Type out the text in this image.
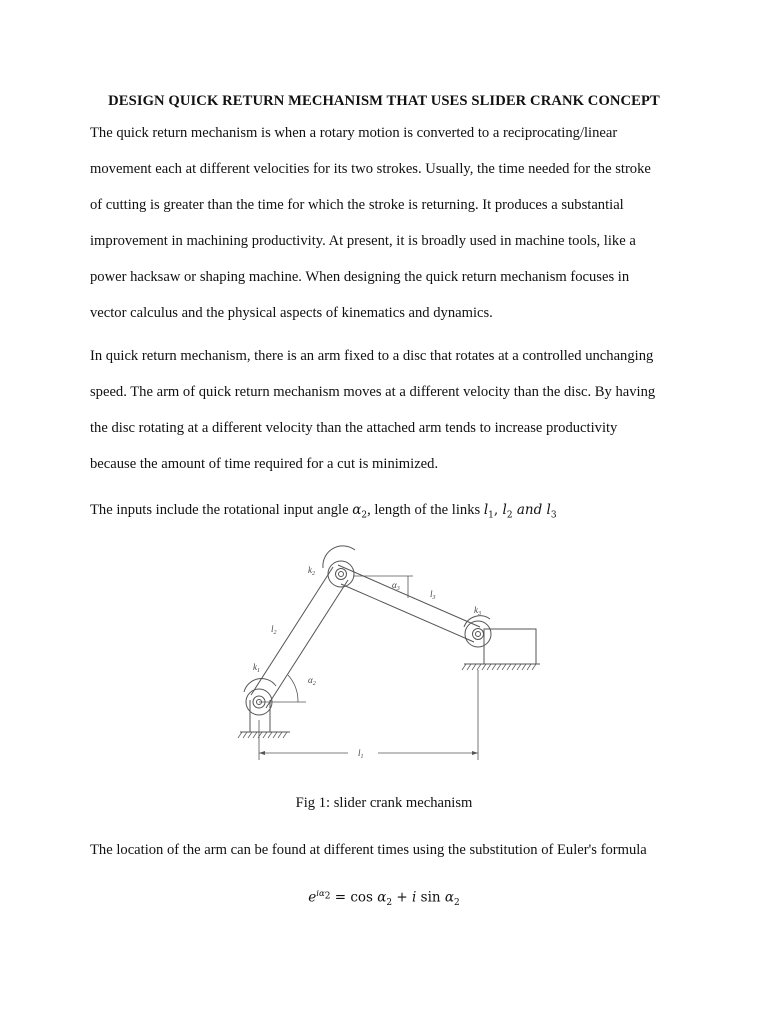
DESIGN QUICK RETURN MECHANISM THAT USES SLIDER CRANK CONCEPT
The quick return mechanism is when a rotary motion is converted to a reciprocating/linear
movement each at different velocities for its two strokes. Usually, the time needed for the stroke
of cutting is greater than the time for which the stroke is returning. It produces a substantial
improvement in machining productivity. At present, it is broadly used in machine tools, like a
power hacksaw or shaping machine. When designing the quick return mechanism focuses in
vector calculus and the physical aspects of kinematics and dynamics.
In quick return mechanism, there is an arm fixed to a disc that rotates at a controlled unchanging
speed. The arm of quick return mechanism moves at a different velocity than the disc. By having
the disc rotating at a different velocity than the attached arm tends to increase productivity
because the amount of time required for a cut is minimized.
The inputs include the rotational input angle $\alpha_2$, length of the links $l_1$, $l_2$ and $l_3$
$k_2$
$k_1$
$k_3$
$l_2$
$l_3$
$l_1$
$\alpha_2$
$\alpha_3$
Fig 1: slider crank mechanism
The location of the arm can be found at different times using the substitution of Euler's formula
$e^{i\alpha_2} = \cos \alpha_2 + i$ $\sin \alpha_2$
